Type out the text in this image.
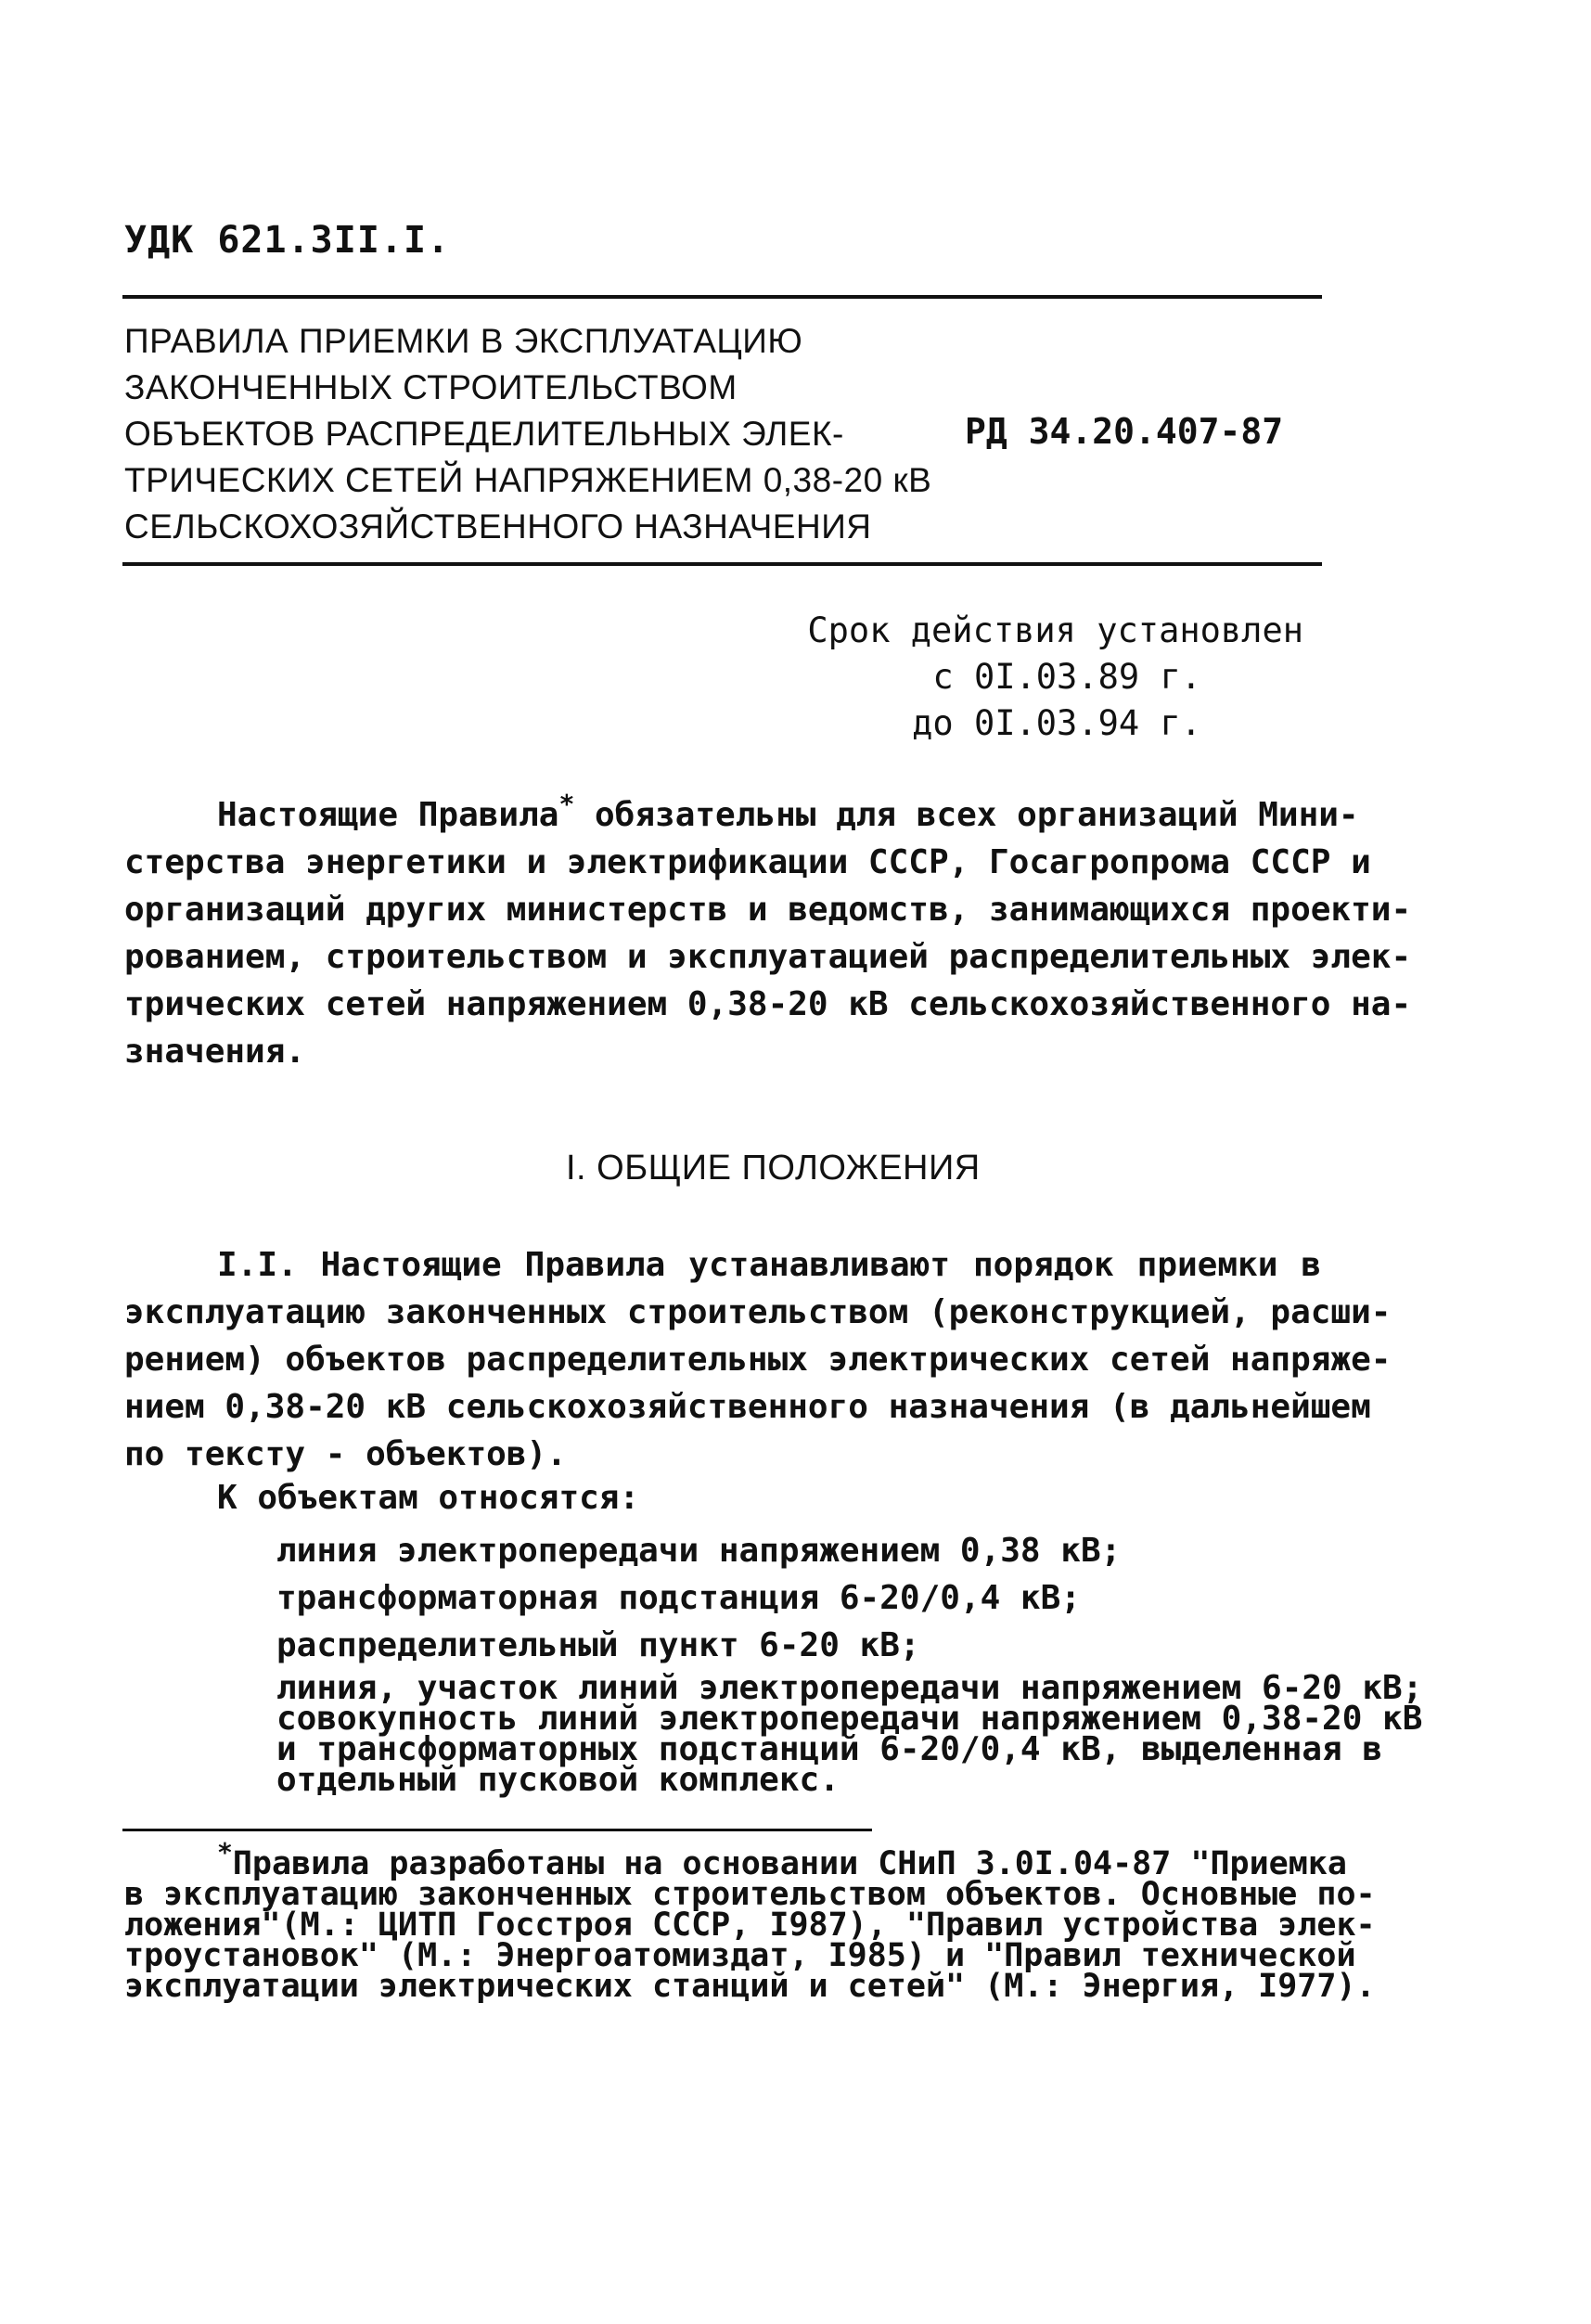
УДК 621.3II.I.
ПРАВИЛА ПРИЕМКИ В ЭКСПЛУАТАЦИЮ
ЗАКОНЧЕННЫХ СТРОИТЕЛЬСТВОМ
ОБЪЕКТОВ РАСПРЕДЕЛИТЕЛЬНЫХ ЭЛЕК-
ТРИЧЕСКИХ СЕТЕЙ НАПРЯЖЕНИЕМ 0,38-20 кВ
СЕЛЬСКОХОЗЯЙСТВЕННОГО НАЗНАЧЕНИЯ
РД 34.20.407-87
Срок действия установлен
с 0I.03.89 г.
до 0I.03.94 г.
Настоящие Правила* обязательны для всех организаций Мини-
стерства энергетики и электрификации СССР, Госагропрома СССР и
организаций других министерств и ведомств, занимающихся проекти-
рованием, строительством и эксплуатацией распределительных элек-
трических сетей напряжением 0,38-20 кВ сельскохозяйственного на-
значения.
I. ОБЩИЕ ПОЛОЖЕНИЯ
I.I. Настоящие Правила устанавливают порядок приемки в
эксплуатацию законченных строительством (реконструкцией, расши-
рением) объектов распределительных электрических сетей напряже-
нием 0,38-20 кВ сельскохозяйственного назначения (в дальнейшем
по тексту - объектов).
К объектам относятся:
линия электропередачи напряжением 0,38 кВ;
трансформаторная подстанция 6-20/0,4 кВ;
распределительный пункт 6-20 кВ;
линия, участок линий электропередачи напряжением 6-20 кВ;
совокупность линий электропередачи напряжением 0,38-20 кВ
и трансформаторных подстанций 6-20/0,4 кВ, выделенная в
отдельный пусковой комплекс.
*Правила разработаны на основании СНиП 3.0I.04-87 "Приемка
в эксплуатацию законченных строительством объектов. Основные по-
ложения"(М.: ЦИТП Госстроя СССР, I987), "Правил устройства элек-
троустановок" (М.: Энергоатомиздат, I985) и "Правил технической
эксплуатации электрических станций и сетей" (М.: Энергия, I977).
